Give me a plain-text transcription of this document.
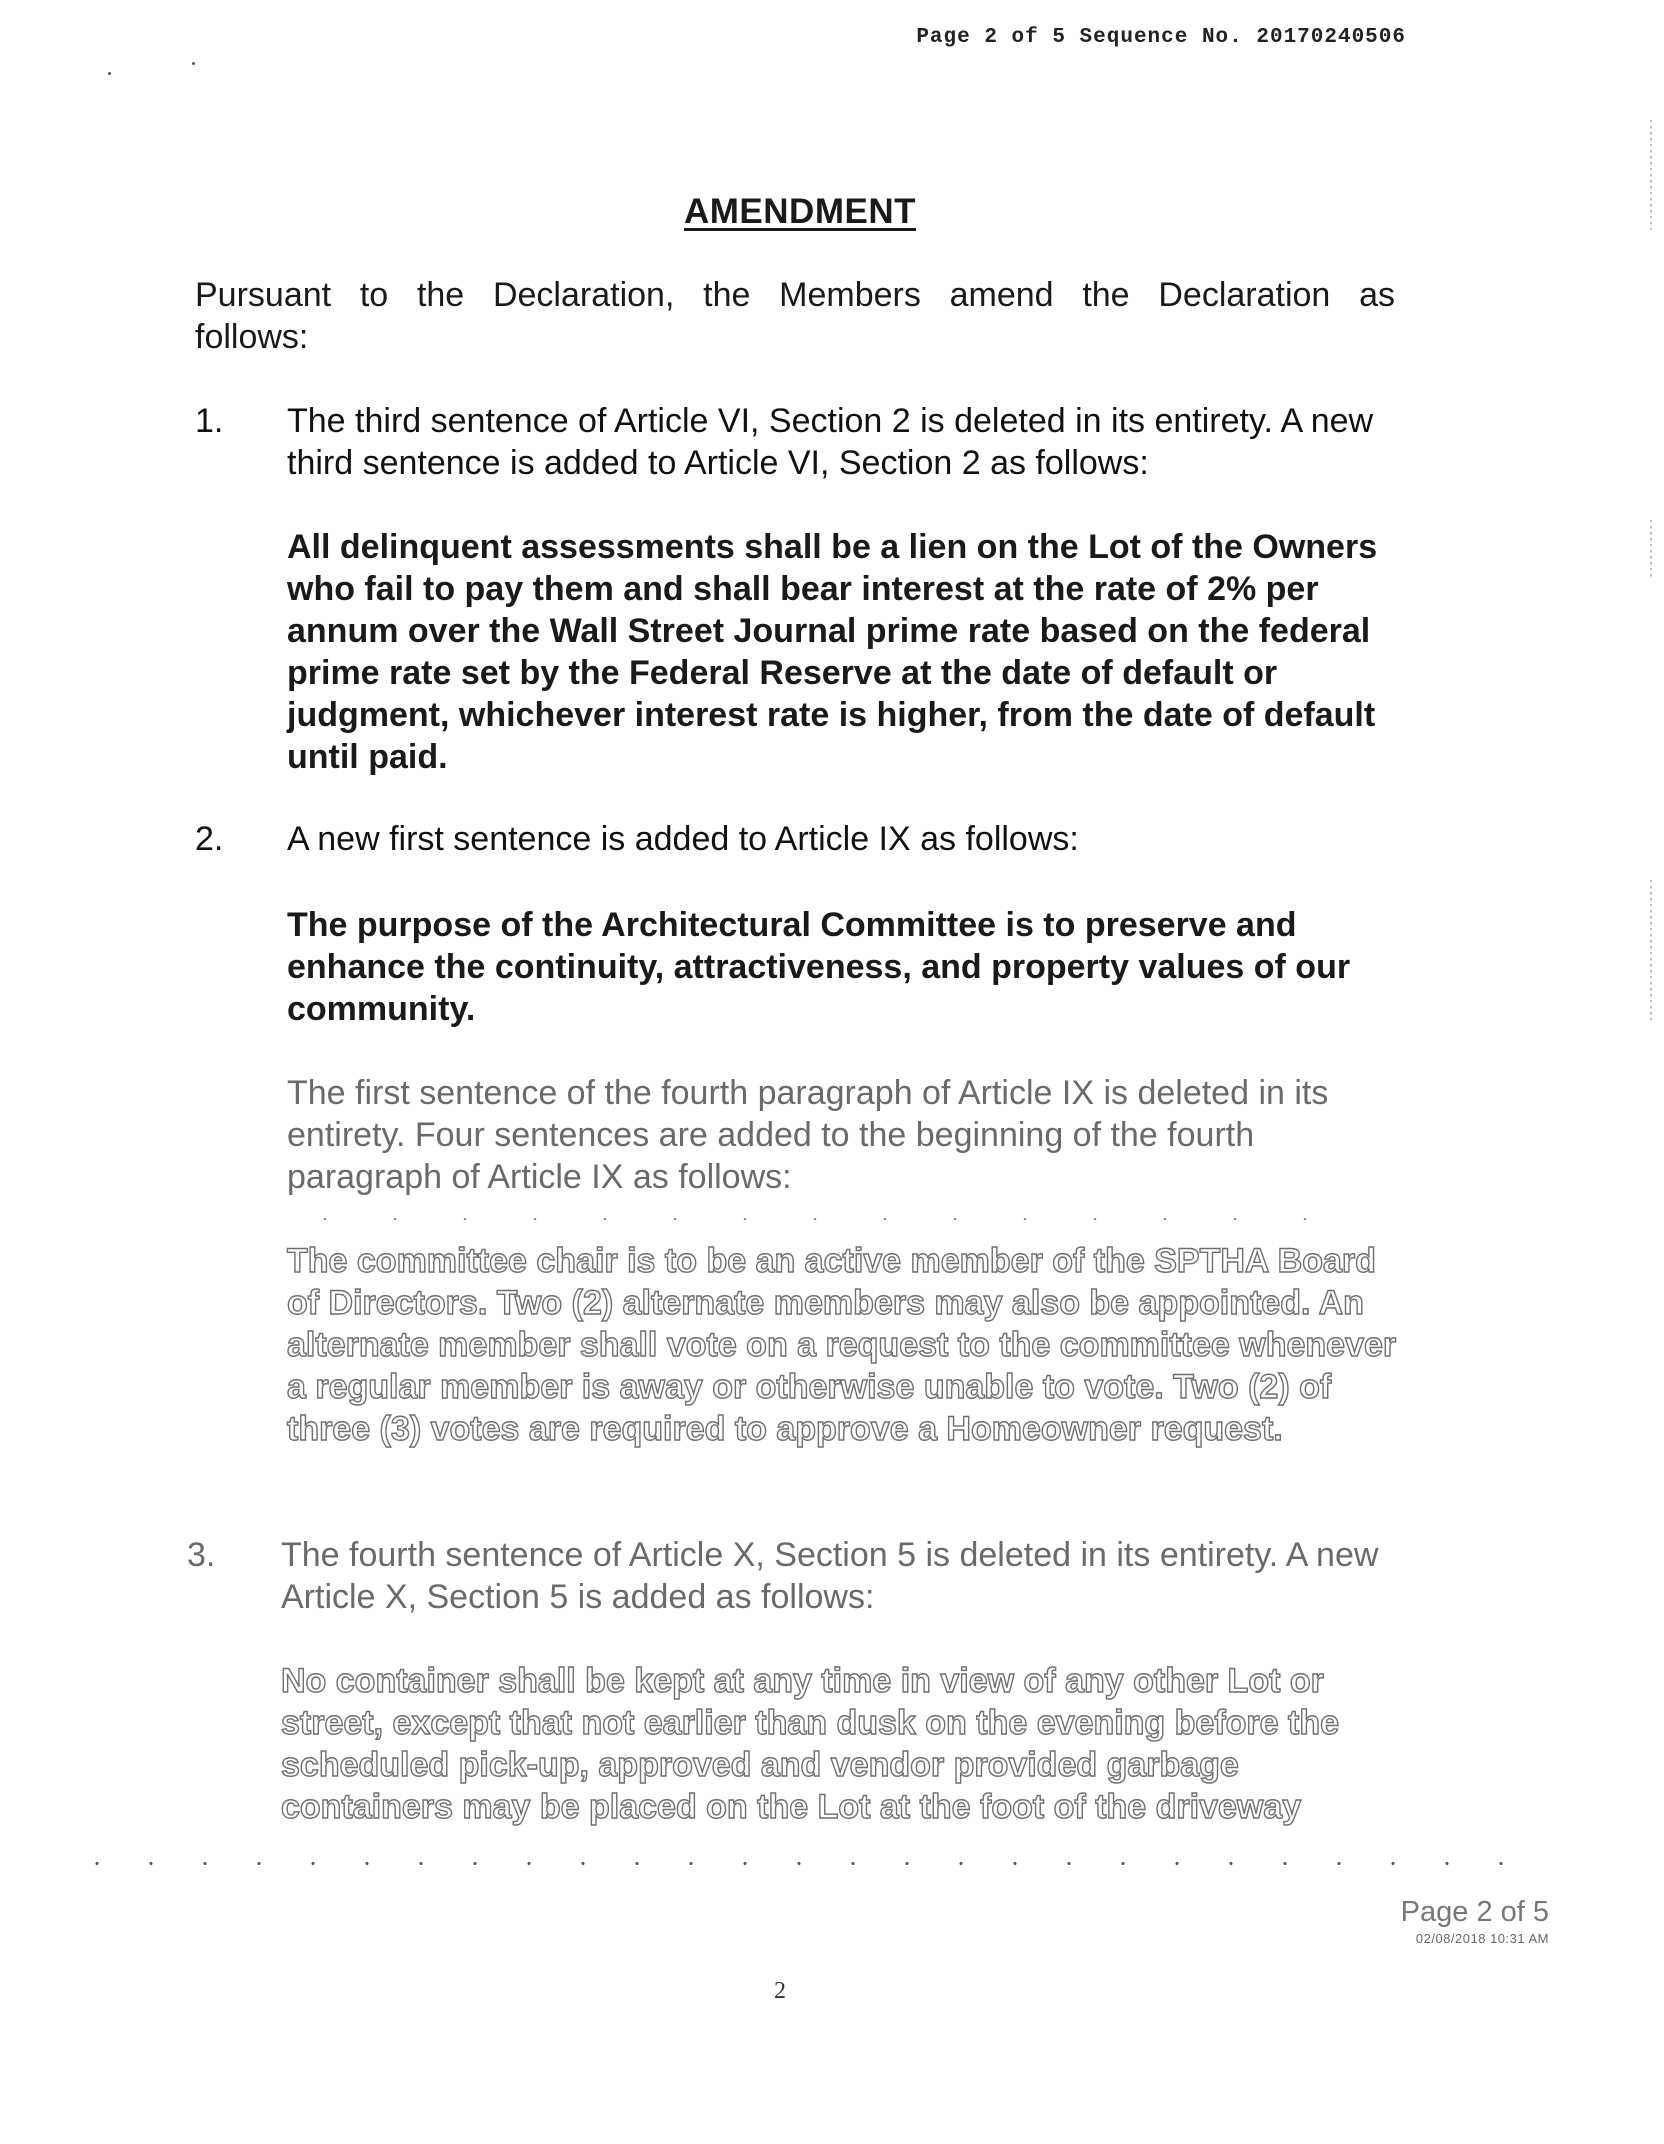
Page 2 of 5 Sequence No. 20170240506
AMENDMENT
Pursuant to the Declaration, the Members amend the Declaration as follows:
1. The third sentence of Article VI, Section 2 is deleted in its entirety. A new third sentence is added to Article VI, Section 2 as follows:
All delinquent assessments shall be a lien on the Lot of the Owners who fail to pay them and shall bear interest at the rate of 2% per annum over the Wall Street Journal prime rate based on the federal prime rate set by the Federal Reserve at the date of default or judgment, whichever interest rate is higher, from the date of default until paid.
2. A new first sentence is added to Article IX as follows:
The purpose of the Architectural Committee is to preserve and enhance the continuity, attractiveness, and property values of our community.
The first sentence of the fourth paragraph of Article IX is deleted in its entirety. Four sentences are added to the beginning of the fourth paragraph of Article IX as follows:
The committee chair is to be an active member of the SPTHA Board of Directors. Two (2) alternate members may also be appointed. An alternate member shall vote on a request to the committee whenever a regular member is away or otherwise unable to vote. Two (2) of three (3) votes are required to approve a Homeowner request.
3. The fourth sentence of Article X, Section 5 is deleted in its entirety. A new Article X, Section 5 is added as follows:
No container shall be kept at any time in view of any other Lot or street, except that not earlier than dusk on the evening before the scheduled pick-up, approved and vendor provided garbage containers may be placed on the Lot at the foot of the driveway
Page 2 of 5
02/08/2018 10:31 AM
2
